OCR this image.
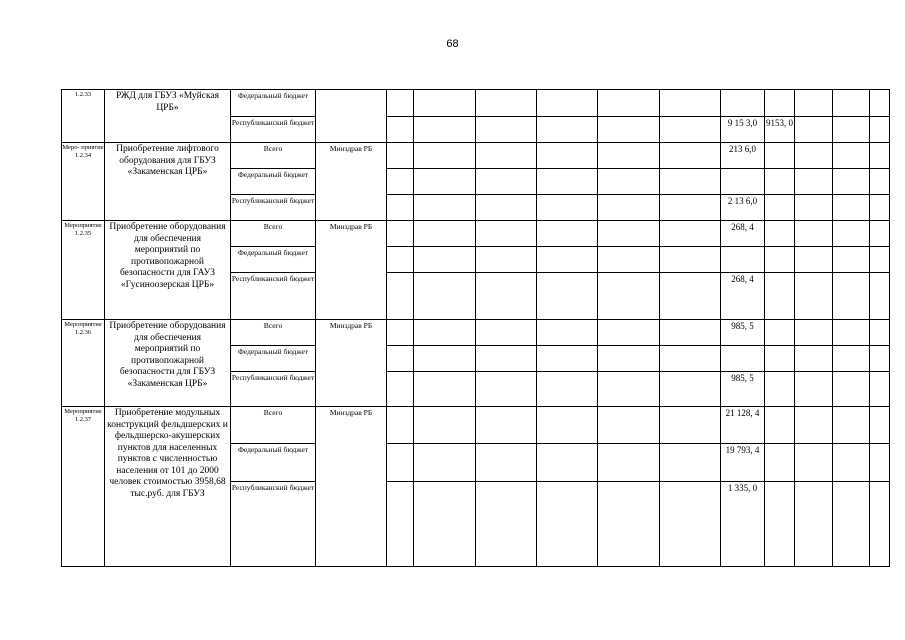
68
1.2.33	РЖД для ГБУЗ «Муйская ЦРБ»	Федеральный бюджет												
		Республиканский бюджет								9 15 3,0	9153, 0			
Меро- приятие 1.2.34	Приобретение лифтового оборудования для ГБУЗ «Закаменская ЦРБ»	Всего	Минздрав РБ							213 6,0				
		Федеральный бюджет												
		Республиканский бюджет								2 13 6,0				
Мероприятие 1.2.35	Приобретение оборудования для обеспечения мероприятий по противопожарной безопасности для ГАУЗ «Гусиноозерская ЦРБ»	Всего	Минздрав РБ							268, 4				
		Федеральный бюджет												
		Республиканский бюджет								268, 4				
Мероприятие 1.2.36	Приобретение оборудования для обеспечения мероприятий по противопожарной безопасности для ГБУЗ «Закаменская ЦРБ»	Всего	Минздрав РБ							985, 5				
		Федеральный бюджет												
		Республиканский бюджет								985, 5				
Мероприятие 1.2.37	Приобретение модульных конструкций фельдшерских и фельдшерско-акушерских пунктов для населенных пунктов с численностью населения от 101 до 2000 человек стоимостью 3958,68 тыс.руб. для ГБУЗ	Всего	Минздрав РБ							21 128, 4				
		Федеральный бюджет								19 793, 4				
		Республиканский бюджет								1 335, 0				
